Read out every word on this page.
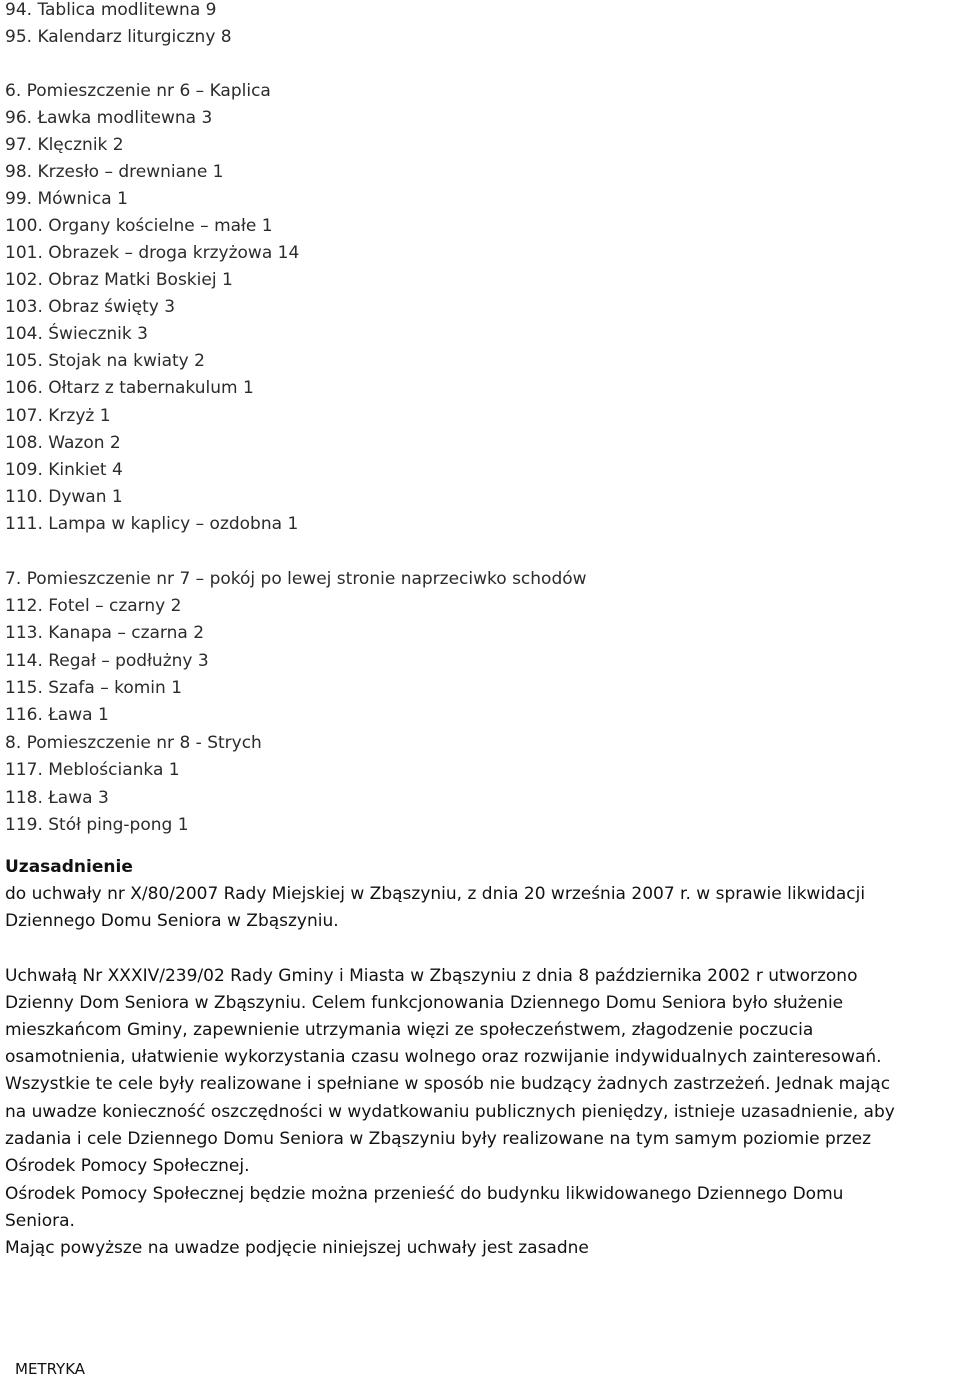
94. Tablica modlitewna 9
95. Kalendarz liturgiczny 8
6. Pomieszczenie nr 6 – Kaplica
96. Ławka modlitewna 3
97. Klęcznik 2
98. Krzesło – drewniane 1
99. Mównica 1
100. Organy kościelne – małe 1
101. Obrazek – droga krzyżowa 14
102. Obraz Matki Boskiej 1
103. Obraz święty 3
104. Świecznik 3
105. Stojak na kwiaty 2
106. Ołtarz z tabernakulum 1
107. Krzyż 1
108. Wazon 2
109. Kinkiet 4
110. Dywan 1
111. Lampa w kaplicy – ozdobna 1
7. Pomieszczenie nr 7 – pokój po lewej stronie naprzeciwko schodów
112. Fotel – czarny 2
113. Kanapa – czarna 2
114. Regał – podłużny 3
115. Szafa – komin 1
116. Ława 1
8. Pomieszczenie nr 8 - Strych
117. Meblościanka 1
118. Ława 3
119. Stół ping-pong 1
Uzasadnienie
do uchwały nr X/80/2007 Rady Miejskiej w Zbąszyniu, z dnia 20 września 2007 r. w sprawie likwidacji
Dziennego Domu Seniora w Zbąszyniu.
Uchwałą Nr XXXIV/239/02 Rady Gminy i Miasta w Zbąszyniu z dnia 8 października 2002 r utworzono
Dzienny Dom Seniora w Zbąszyniu. Celem funkcjonowania Dziennego Domu Seniora było służenie
mieszkańcom Gminy, zapewnienie utrzymania więzi ze społeczeństwem, złagodzenie poczucia
osamotnienia, ułatwienie wykorzystania czasu wolnego oraz rozwijanie indywidualnych zainteresowań.
Wszystkie te cele były realizowane i spełniane w sposób nie budzący żadnych zastrzeżeń. Jednak mając
na uwadze konieczność oszczędności w wydatkowaniu publicznych pieniędzy, istnieje uzasadnienie, aby
zadania i cele Dziennego Domu Seniora w Zbąszyniu były realizowane na tym samym poziomie przez
Ośrodek Pomocy Społecznej.
Ośrodek Pomocy Społecznej będzie można przenieść do budynku likwidowanego Dziennego Domu
Seniora.
Mając powyższe na uwadze podjęcie niniejszej uchwały jest zasadne
METRYKA
